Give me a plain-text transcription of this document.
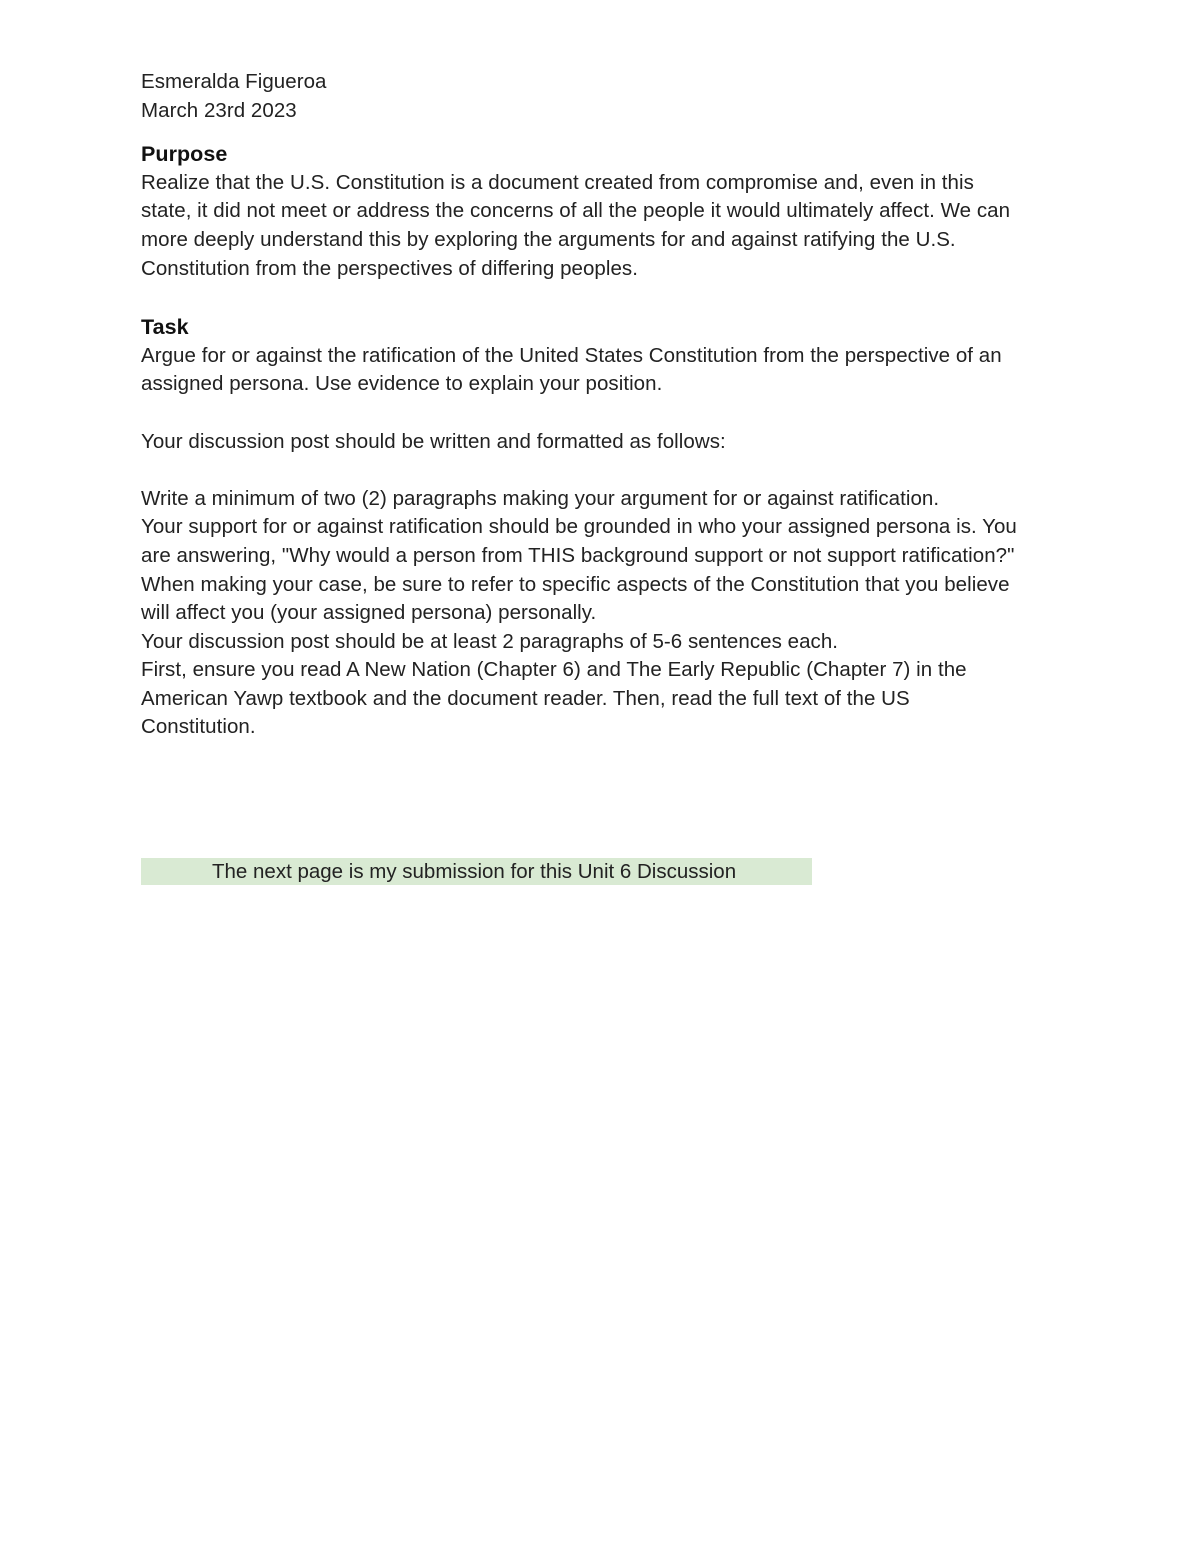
Esmeralda Figueroa
March 23rd 2023
Purpose
Realize that the U.S. Constitution is a document created from compromise and, even in this
state, it did not meet or address the concerns of all the people it would ultimately affect. We can
more deeply understand this by exploring the arguments for and against ratifying the U.S.
Constitution from the perspectives of differing peoples.
Task
Argue for or against the ratification of the United States Constitution from the perspective of an
assigned persona. Use evidence to explain your position.
Your discussion post should be written and formatted as follows:
Write a minimum of two (2) paragraphs making your argument for or against ratification.
Your support for or against ratification should be grounded in who your assigned persona is. You
are answering, "Why would a person from THIS background support or not support ratification?"
When making your case, be sure to refer to specific aspects of the Constitution that you believe
will affect you (your assigned persona) personally.
Your discussion post should be at least 2 paragraphs of 5-6 sentences each.
First, ensure you read A New Nation (Chapter 6) and The Early Republic (Chapter 7) in the
American Yawp textbook and the document reader. Then, read the full text of the US
Constitution.
The next page is my submission for this Unit 6 Discussion
